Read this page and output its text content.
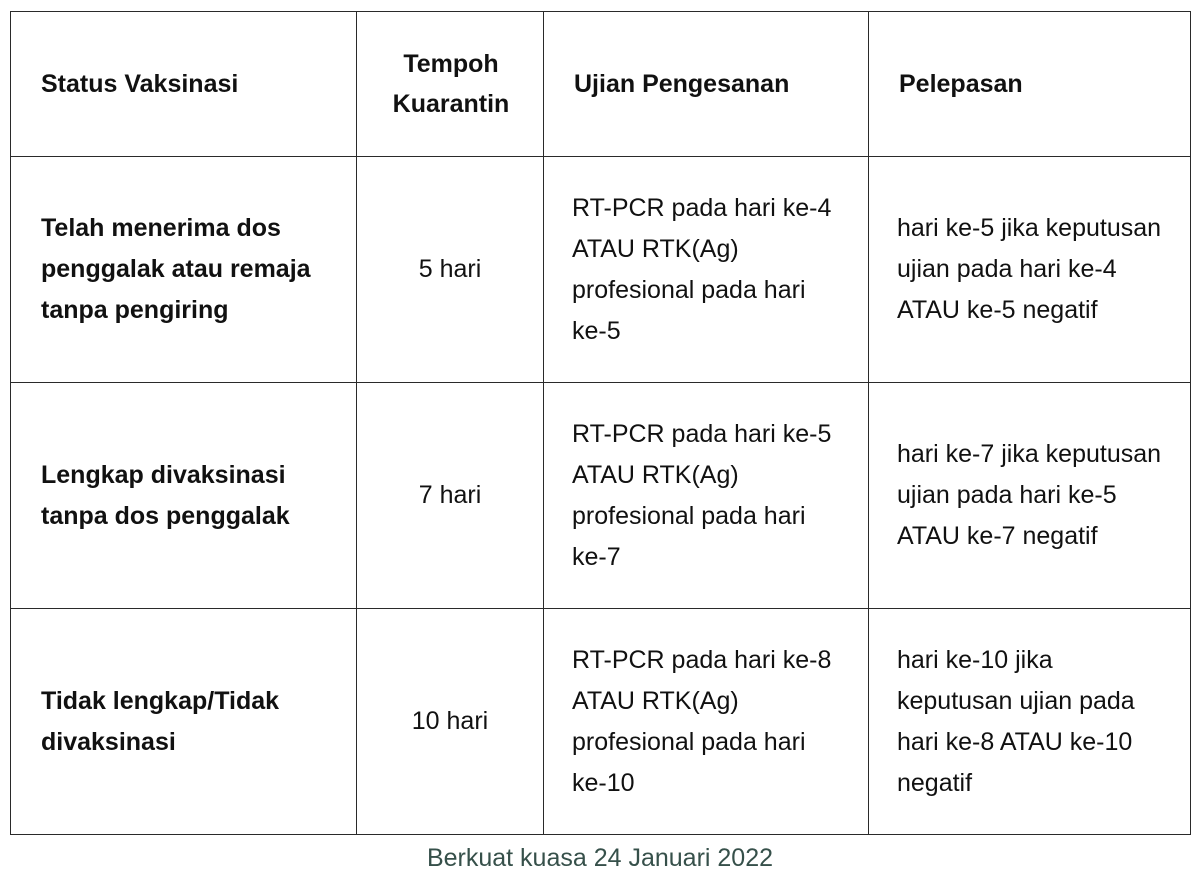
Status Vaksinasi	Tempoh Kuarantin	Ujian Pengesanan	Pelepasan
Telah menerima dos penggalak atau remaja tanpa pengiring	5 hari	RT-PCR pada hari ke-4 ATAU RTK(Ag) profesional pada hari ke-5	hari ke-5 jika keputusan ujian pada hari ke-4 ATAU ke-5 negatif
Lengkap divaksinasi tanpa dos penggalak	7 hari	RT-PCR pada hari ke-5 ATAU RTK(Ag) profesional pada hari ke-7	hari ke-7 jika keputusan ujian pada hari ke-5 ATAU ke-7 negatif
Tidak lengkap/Tidak divaksinasi	10 hari	RT-PCR pada hari ke-8 ATAU RTK(Ag) profesional pada hari ke-10	hari ke-10 jika keputusan ujian pada hari ke-8 ATAU ke-10 negatif
Berkuat kuasa 24 Januari 2022
